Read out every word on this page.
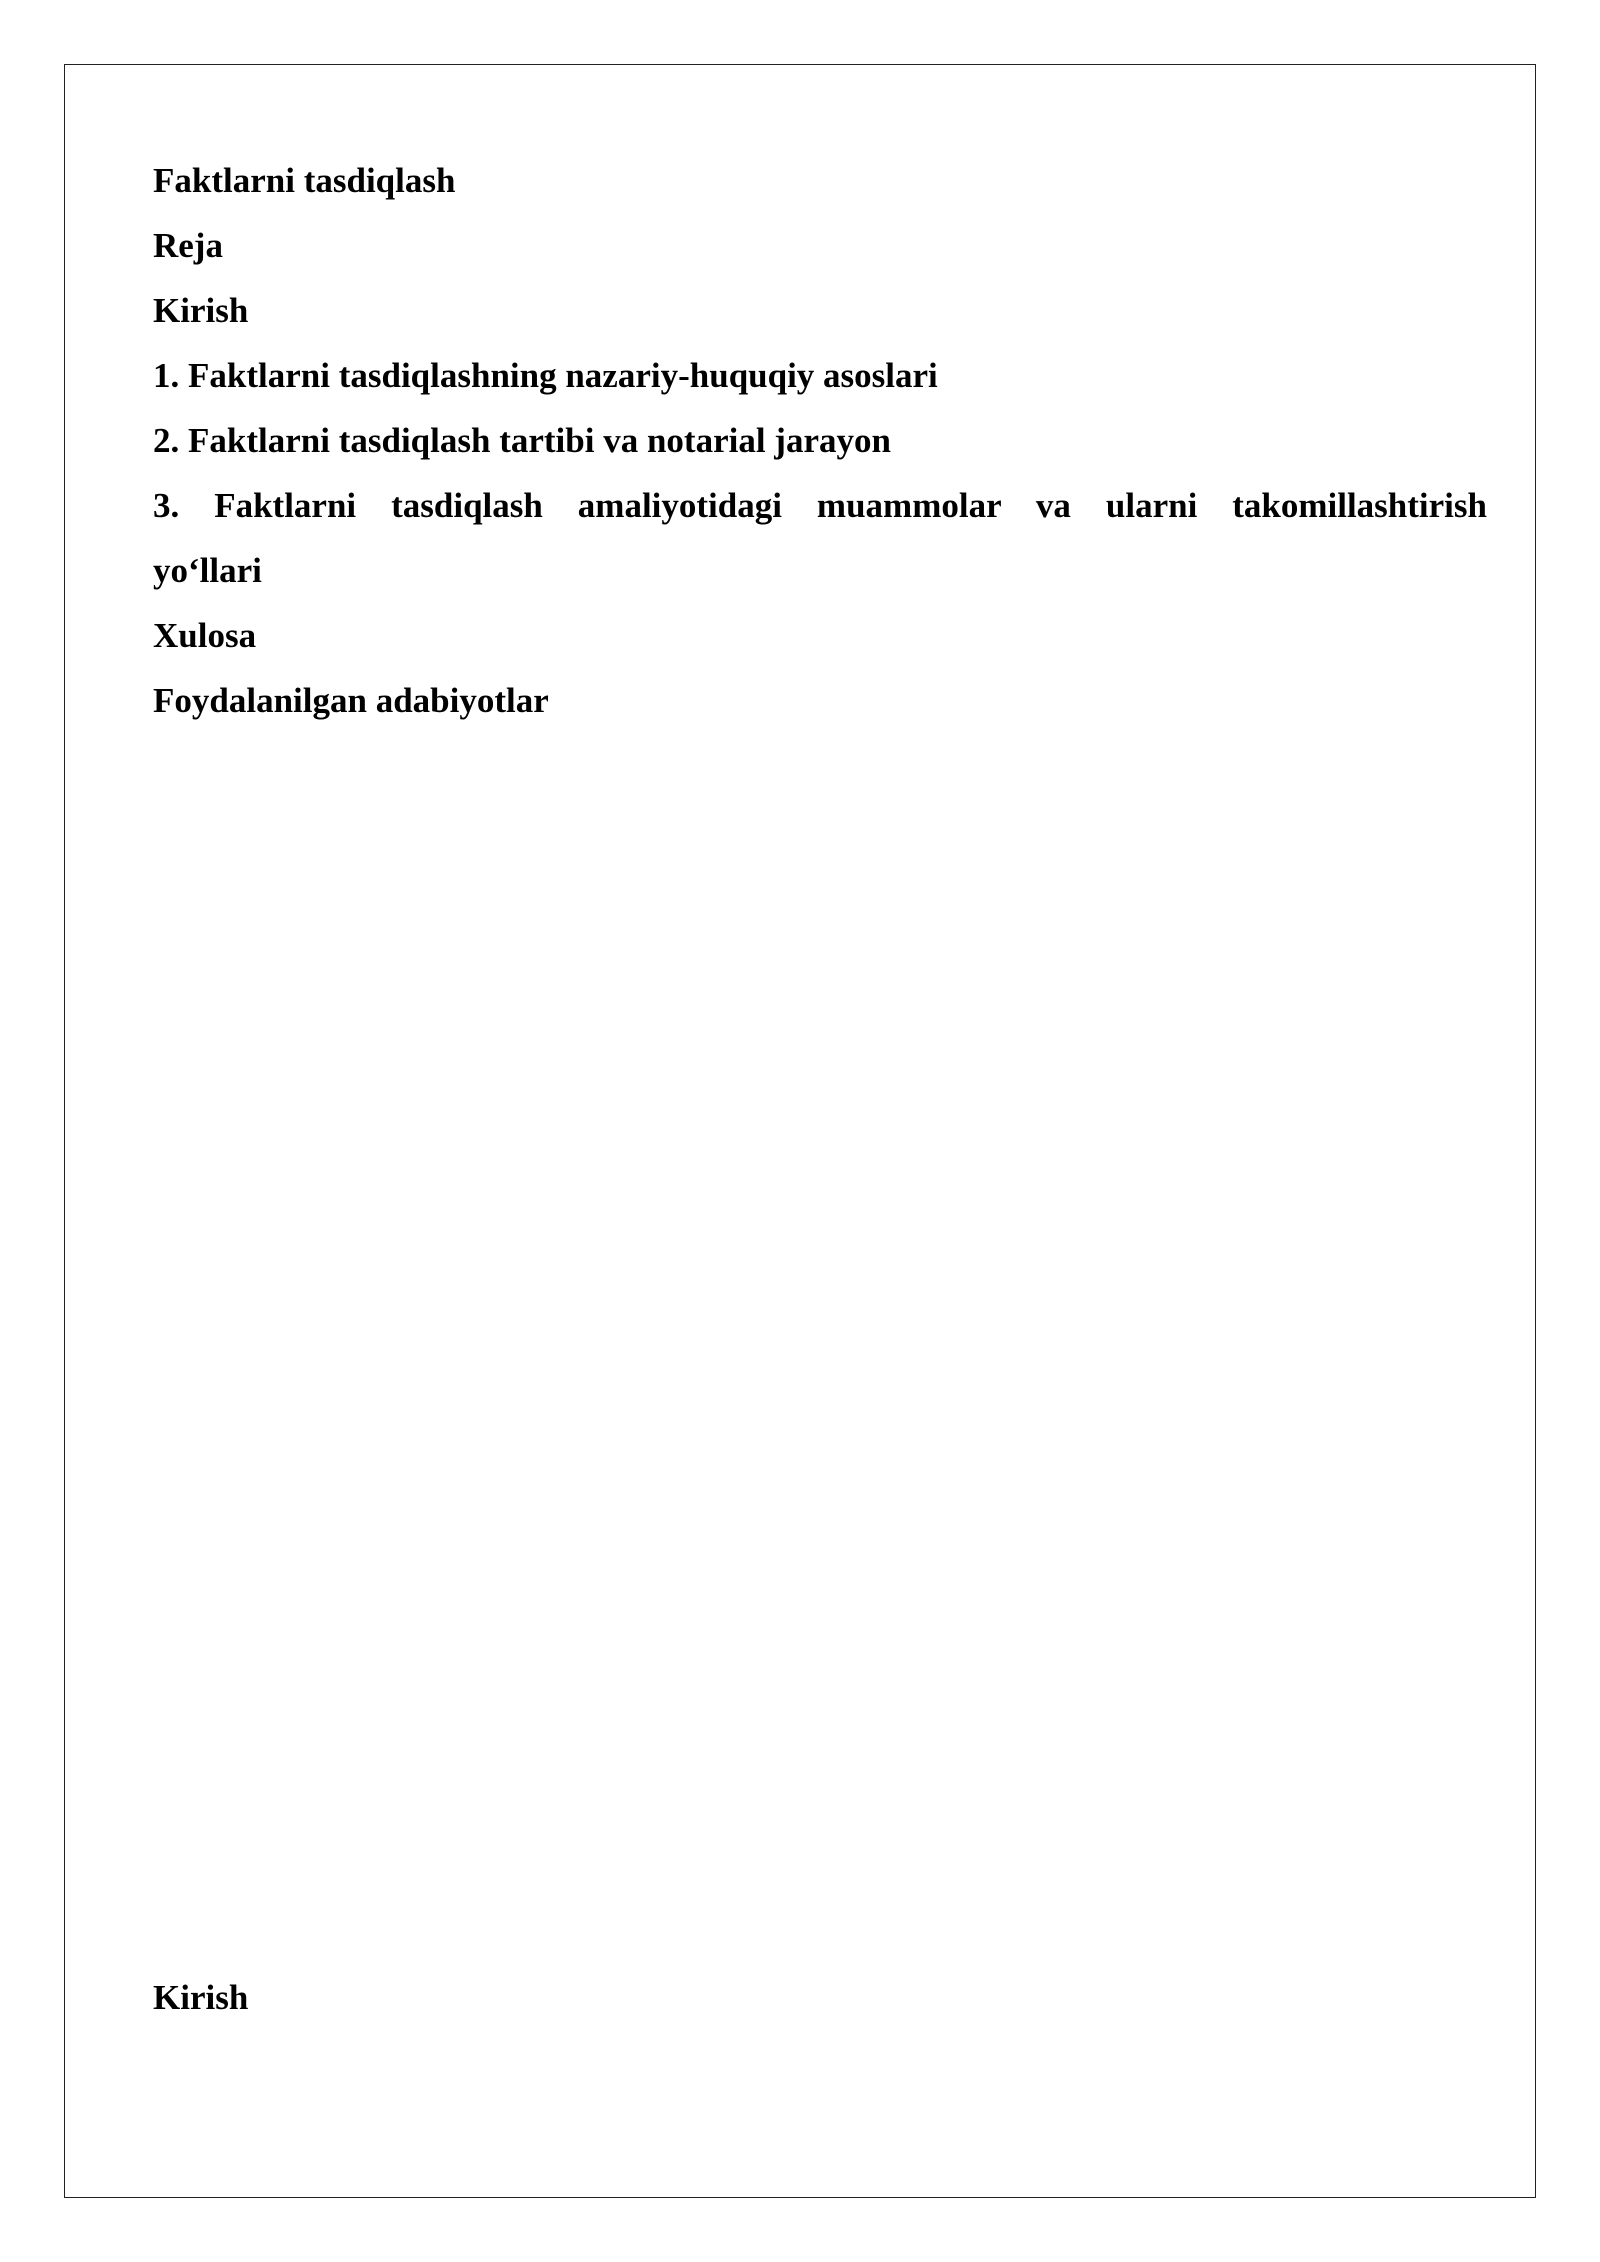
Faktlarni tasdiqlash
Reja
Kirish
1. Faktlarni tasdiqlashning nazariy-huquqiy asoslari
2. Faktlarni tasdiqlash tartibi va notarial jarayon
3. Faktlarni tasdiqlash amaliyotidagi muammolar va ularni takomillashtirish
yo‘llari
Xulosa
Foydalanilgan adabiyotlar
Kirish
